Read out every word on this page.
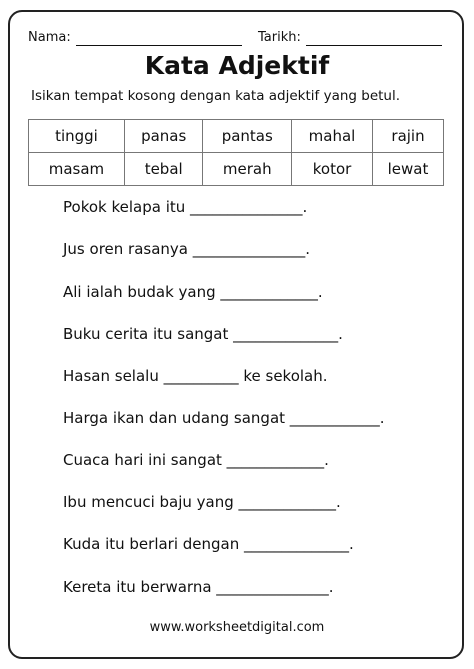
Nama:	Tarikh:
Kata Adjektif
Isikan tempat kosong dengan kata adjektif yang betul.
tinggi	panas	pantas	mahal	rajin
masam	tebal	merah	kotor	lewat
Pokok kelapa itu _______________.
Jus oren rasanya _______________.
Ali ialah budak yang _____________.
Buku cerita itu sangat ______________.
Hasan selalu __________ ke sekolah.
Harga ikan dan udang sangat ____________.
Cuaca hari ini sangat _____________.
Ibu mencuci baju yang _____________.
Kuda itu berlari dengan ______________.
Kereta itu berwarna _______________.
www.worksheetdigital.com
